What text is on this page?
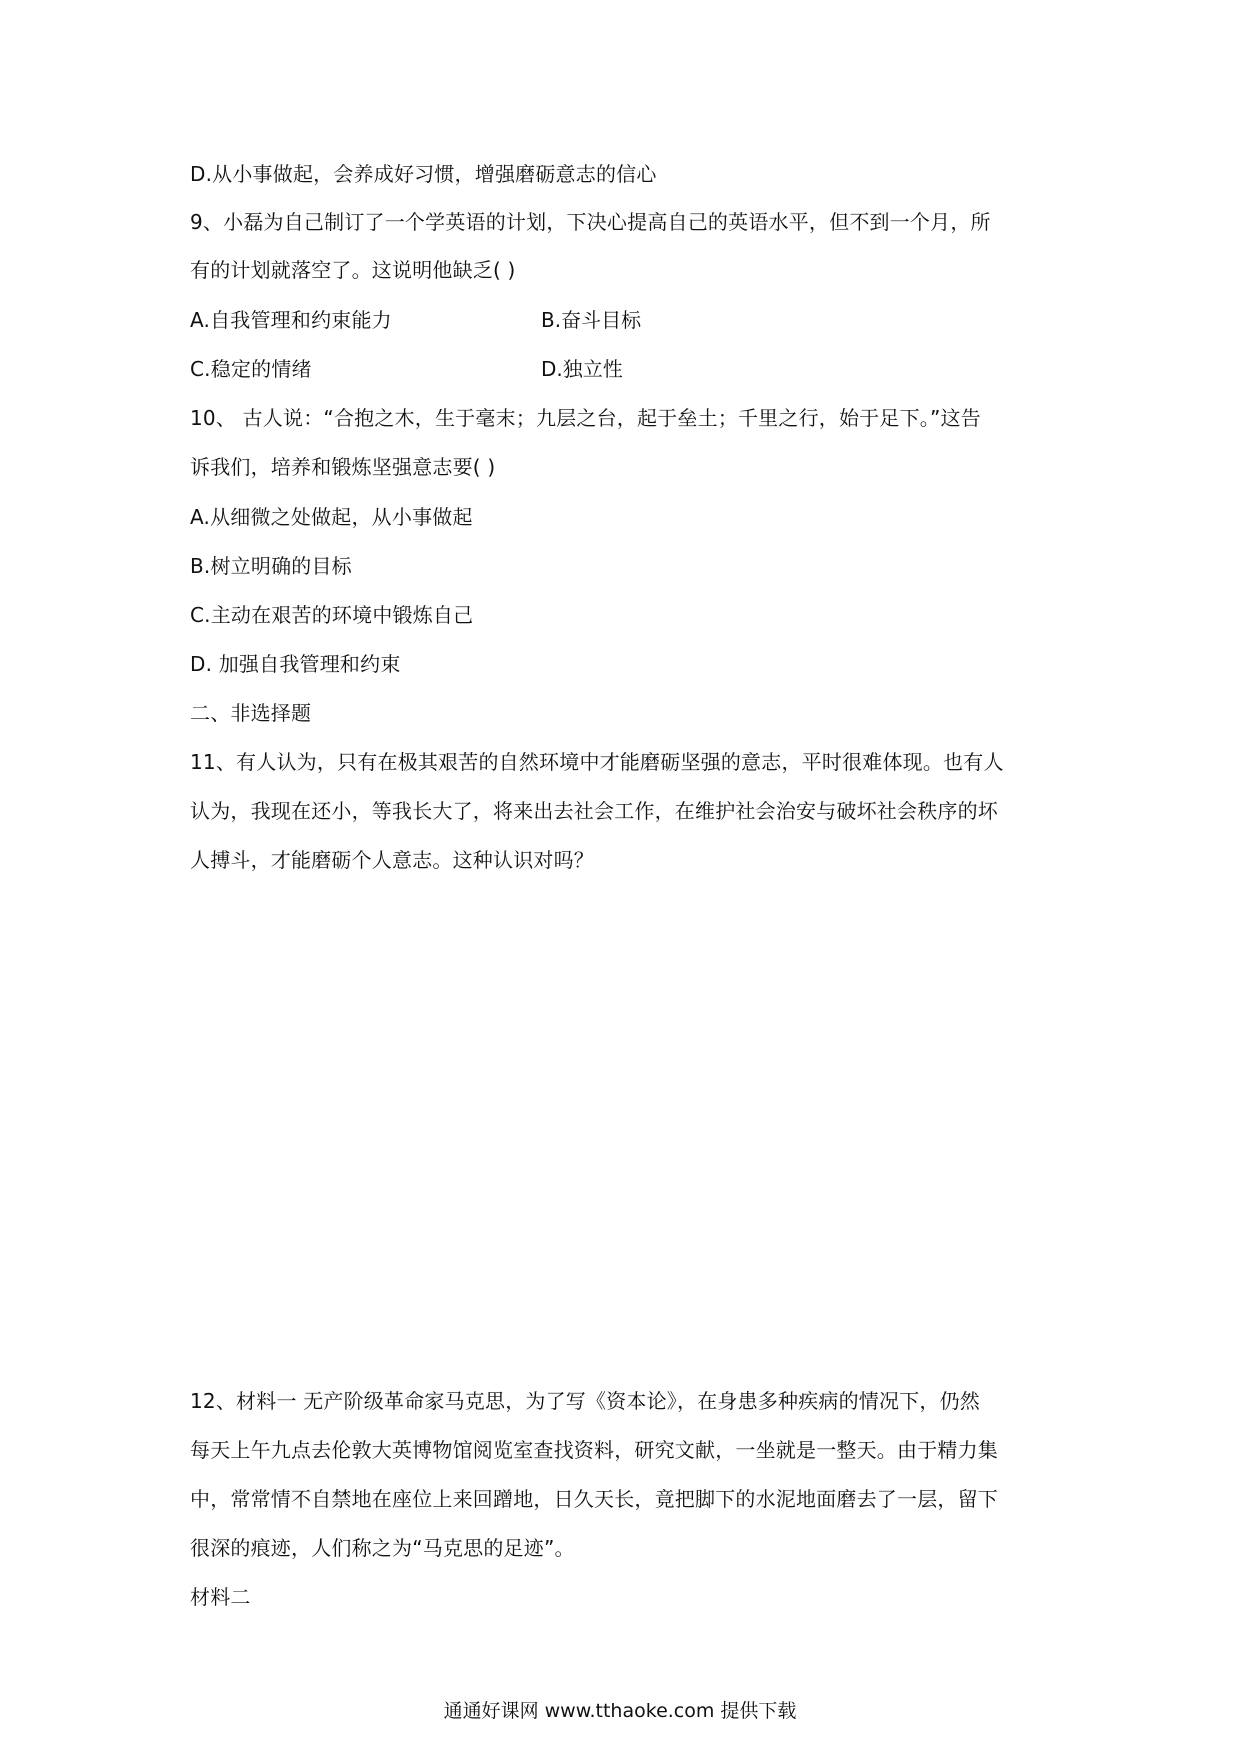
D.从小事做起，会养成好习惯，增强磨砺意志的信心
9、小磊为自己制订了一个学英语的计划，下决心提高自己的英语水平，但不到一个月，所
有的计划就落空了。这说明他缺乏( )
A.自我管理和约束能力	B.奋斗目标
C.稳定的情绪	D.独立性
10、 古人说：“合抱之木，生于毫末；九层之台，起于垒土；千里之行，始于足下。”这告
诉我们，培养和锻炼坚强意志要( )
A.从细微之处做起，从小事做起
B.树立明确的目标
C.主动在艰苦的环境中锻炼自己
D. 加强自我管理和约束
二、非选择题
11、有人认为，只有在极其艰苦的自然环境中才能磨砺坚强的意志，平时很难体现。也有人
认为，我现在还小，等我长大了，将来出去社会工作，在维护社会治安与破坏社会秩序的坏
人搏斗，才能磨砺个人意志。这种认识对吗？
12、材料一 无产阶级革命家马克思，为了写《资本论》，在身患多种疾病的情况下，仍然
每天上午九点去伦敦大英博物馆阅览室查找资料，研究文献，一坐就是一整天。由于精力集
中，常常情不自禁地在座位上来回蹭地，日久天长，竟把脚下的水泥地面磨去了一层，留下
很深的痕迹，人们称之为“马克思的足迹”。
材料二
通通好课网 www.tthaoke.com 提供下载
